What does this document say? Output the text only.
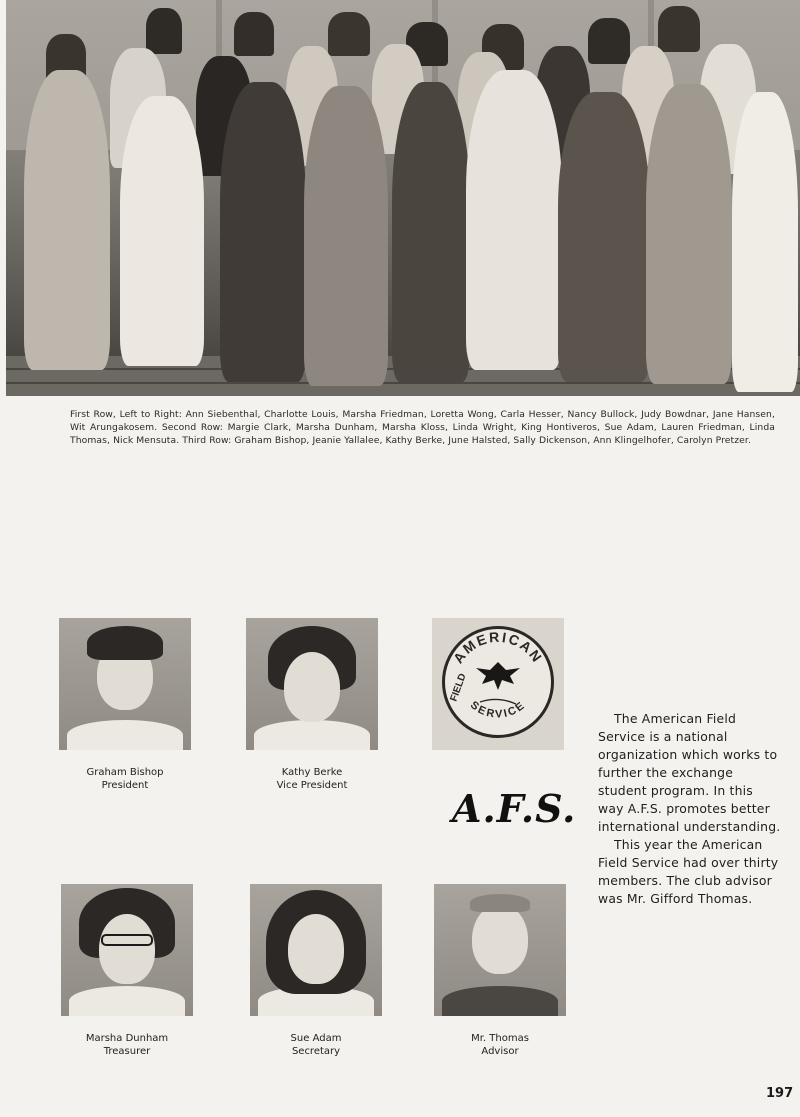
First Row, Left to Right: Ann Siebenthal, Charlotte Louis, Marsha Friedman, Loretta Wong, Carla Hesser, Nancy Bullock, Judy Bowdnar, Jane Hansen, Wit Arungakosem. Second Row: Margie Clark, Marsha Dunham, Marsha Kloss, Linda Wright, King Hontiveros, Sue Adam, Lauren Friedman, Linda Thomas, Nick Mensuta. Third Row: Graham Bishop, Jeanie Yallalee, Kathy Berke, June Halsted, Sally Dickenson, Ann Klingelhofer, Carolyn Pretzer.
Graham Bishop
President
Kathy Berke
Vice President
AMERICAN
SERVICE
FIELD
Marsha Dunham
Treasurer
Sue Adam
Secretary
Mr. Thomas
Advisor
A.F.S.

The American Field Service is a national organization which works to further the exchange student program. In this way A.F.S. promotes better international understanding.

This year the American Field Service had over thirty members. The club advisor was Mr. Gifford Thomas.

197
